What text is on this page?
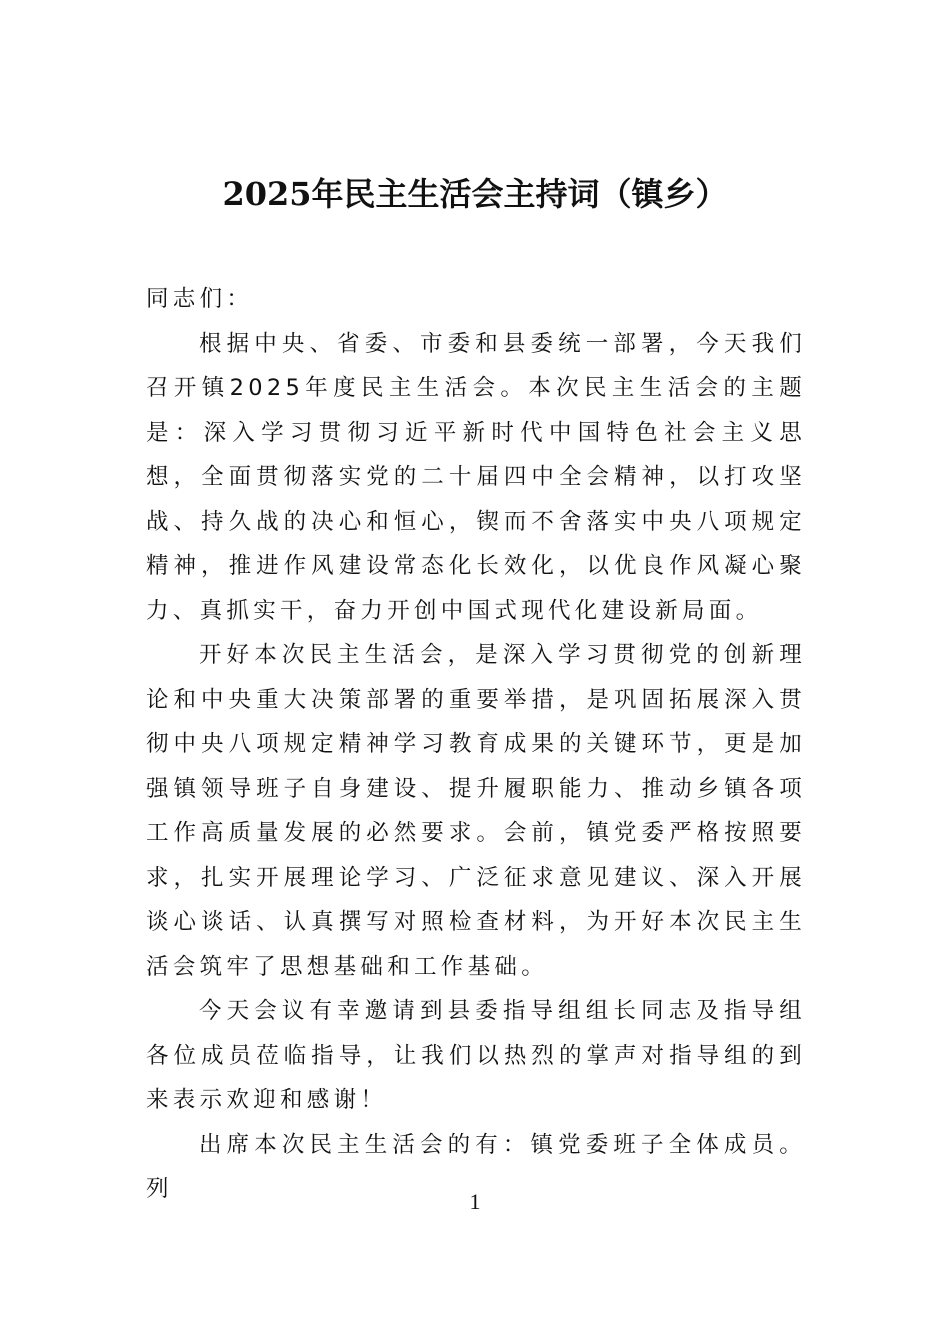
2025年民主生活会主持词（镇乡）

同志们：

根据中央、省委、市委和县委统一部署，今天我们召开镇2025年度民主生活会。本次民主生活会的主题是：深入学习贯彻习近平新时代中国特色社会主义思想，全面贯彻落实党的二十届四中全会精神，以打攻坚战、持久战的决心和恒心，锲而不舍落实中央八项规定精神，推进作风建设常态化长效化，以优良作风凝心聚力、真抓实干，奋力开创中国式现代化建设新局面。

开好本次民主生活会，是深入学习贯彻党的创新理论和中央重大决策部署的重要举措，是巩固拓展深入贯彻中央八项规定精神学习教育成果的关键环节，更是加强镇领导班子自身建设、提升履职能力、推动乡镇各项工作高质量发展的必然要求。会前，镇党委严格按照要求，扎实开展理论学习、广泛征求意见建议、深入开展谈心谈话、认真撰写对照检查材料，为开好本次民主生活会筑牢了思想基础和工作基础。

今天会议有幸邀请到县委指导组组长同志及指导组各位成员莅临指导，让我们以热烈的掌声对指导组的到来表示欢迎和感谢！

出席本次民主生活会的有：镇党委班子全体成员。列	1
